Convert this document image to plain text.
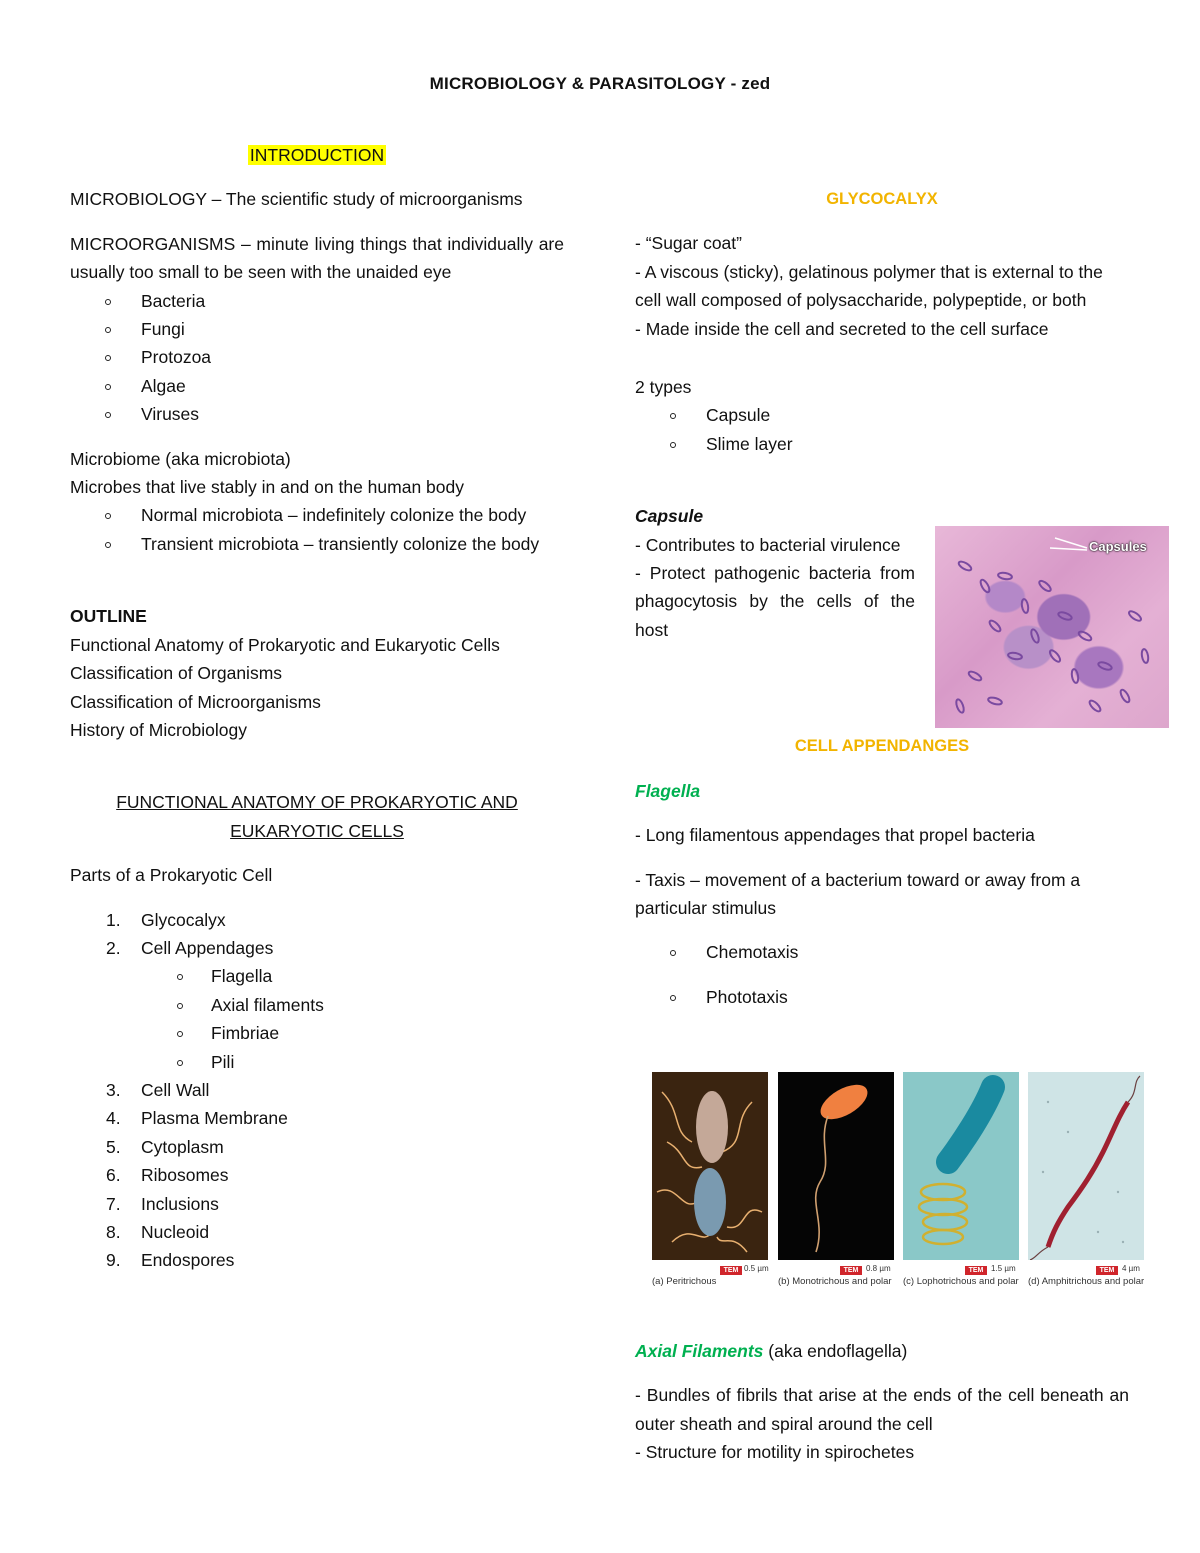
MICROBIOLOGY & PARASITOLOGY - zed

INTRODUCTION

MICROBIOLOGY – The scientific study of microorganisms

MICROORGANISMS – minute living things that individually are usually too small to be seen with the unaided eye

Bacteria
Fungi
Protozoa
Algae
Viruses

Microbiome (aka microbiota)

Microbes that live stably in and on the human body

Normal microbiota – indefinitely colonize the body
Transient microbiota – transiently colonize the body

OUTLINE

Functional Anatomy of Prokaryotic and Eukaryotic Cells

Classification of Organisms

Classification of Microorganisms

History of Microbiology

FUNCTIONAL ANATOMY OF PROKARYOTIC AND EUKARYOTIC CELLS

Parts of a Prokaryotic Cell

1. Glycocalyx
2. Cell Appendages
Flagella
Axial filaments
Fimbriae
Pili
3. Cell Wall
4. Plasma Membrane
5. Cytoplasm
6. Ribosomes
7. Inclusions
8. Nucleoid
9. Endospores

GLYCOCALYX

- “Sugar coat”

- A viscous (sticky), gelatinous polymer that is external to the cell wall composed of polysaccharide, polypeptide, or both

- Made inside the cell and secreted to the cell surface

2 types

Capsule
Slime layer

Capsule

- Contributes to bacterial virulence

- Protect pathogenic bacteria from phagocytosis by the cells of the host

CELL APPENDANGES

Flagella

- Long filamentous appendages that propel bacteria

- Taxis – movement of a bacterium toward or away from a particular stimulus

Chemotaxis
Phototaxis

Axial Filaments (aka endoflagella)

- Bundles of fibrils that arise at the ends of the cell beneath an outer sheath and spiral around the cell

- Structure for motility in spirochetes

Capsules
TEM 0.5 µm	TEM 0.8 µm	TEM 1.5 µm	TEM 4 µm
(a) Peritrichous	(b) Monotrichous and polar	(c) Lophotrichous and polar (d) Amphitrichous and polar
